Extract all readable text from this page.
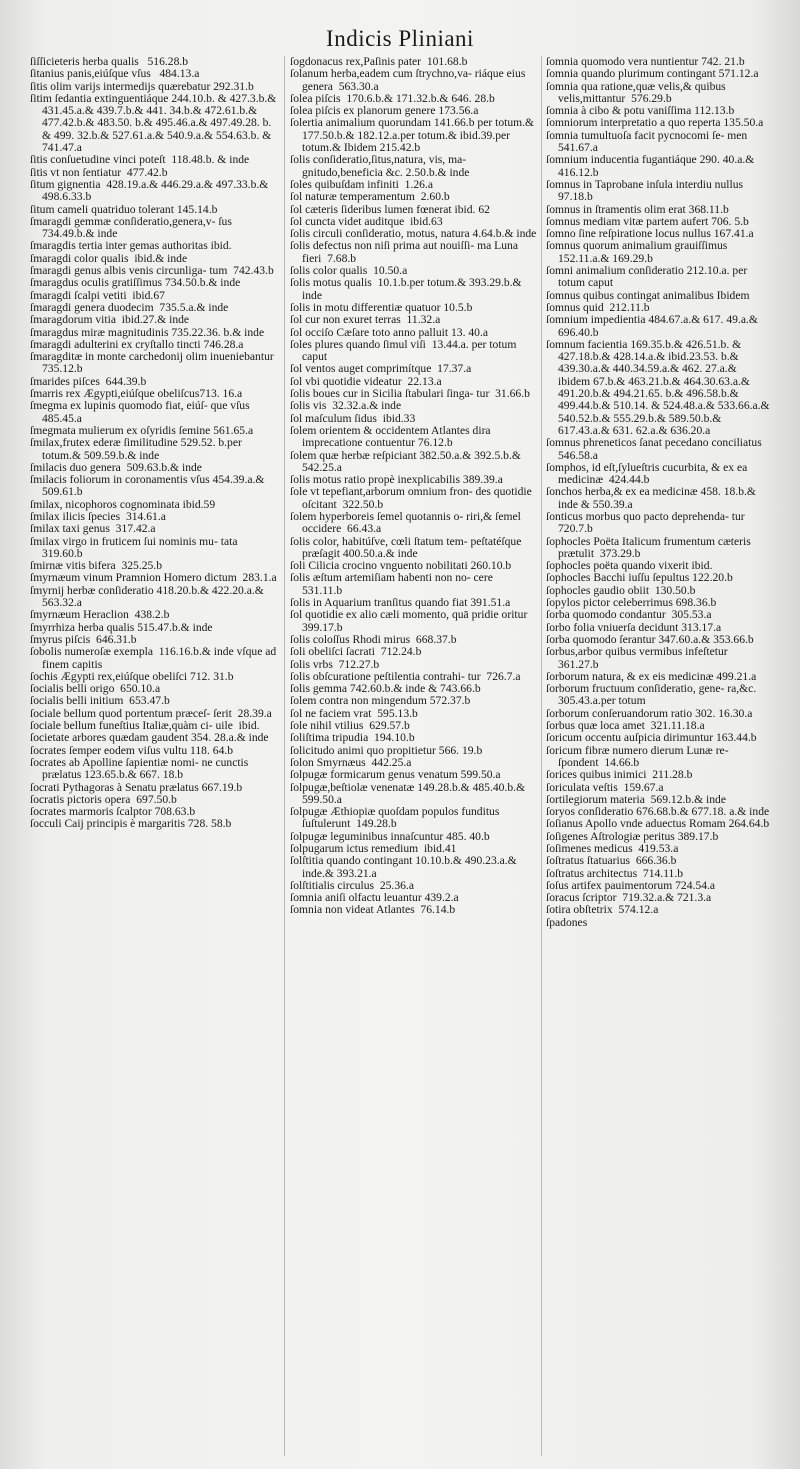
Indicis Pliniani

ſiſſicieteris herba qualis   516.28.b

ſitanius panis,eiúſque vſus   484.13.a

ſitis olim varijs intermedijs quærebatur 292.31.b

ſitim ſedantia extinguentiáque 244.10.b. & 427.3.b.& 431.45.a.& 439.7.b.& 441. 34.b.& 472.61.b.& 477.42.b.& 483.50. b.& 495.46.a.& 497.49.28. b. & 499. 32.b.& 527.61.a.& 540.9.a.& 554.63.b. & 741.47.a

ſitis conſuetudine vinci poteſt  118.48.b. & inde

ſitis vt non ſentiatur  477.42.b

ſitum gignentia  428.19.a.& 446.29.a.& 497.33.b.& 498.6.33.b

ſitum cameli quatriduo tolerant 145.14.b

ſmaragdi gemmæ conſideratio,genera,v- ſus  734.49.b.& inde

ſmaragdis tertia inter gemas authoritas ibid.

ſmaragdi color qualis  ibid.& inde

ſmaragdi genus albis venis circunliga- tum  742.43.b

ſmaragdus oculis gratiſſimus 734.50.b.& inde

ſmaragdi ſcalpi vetiti  ibid.67

ſmaragdi genera duodecim  735.5.a.& inde

ſmaragdorum vitia  ibid.27.& inde

ſmaragdus miræ magnitudinis 735.22.36. b.& inde

ſmaragdi adulterini ex cryſtallo tincti 746.28.a

ſmaragditæ in monte carchedonij olim inueniebantur  735.12.b

ſmarides piſces  644.39.b

ſmarris rex Ægypti,eiúſque obeliſcus713. 16.a

ſmegma ex lupinis quomodo fiat, eiúſ- que vſus  485.45.a

ſmegmata mulierum ex oſyridis ſemine 561.65.a

ſmilax,frutex ederæ ſimilitudine 529.52. b.per totum.& 509.59.b.& inde

ſmilacis duo genera  509.63.b.& inde

ſmilacis foliorum in coronamentis vſus 454.39.a.& 509.61.b

ſmilax, nicophoros cognominata ibid.59

ſmilax ilicis ſpecies  314.61.a

ſmilax taxi genus  317.42.a

ſmilax virgo in fruticem ſui nominis mu- tata  319.60.b

ſmirnæ vitis bifera  325.25.b

ſmyrnæum vinum Pramnion Homero dictum  283.1.a

ſmyrnij herbæ conſideratio 418.20.b.& 422.20.a.& 563.32.a

ſmyrnæum Heraclion  438.2.b

ſmyrrhiza herba qualis 515.47.b.& inde

ſmyrus piſcis  646.31.b

ſobolis numeroſæ exempla  116.16.b.& inde vſque ad finem capitis

ſochis Ægypti rex,eiúſque obeliſci 712. 31.b

ſocialis belli origo  650.10.a

ſocialis belli initium  653.47.b

ſociale bellum quod portentum præceſ- ſerit  28.39.a

ſociale bellum funeſtius Italiæ,quàm ci- uile  ibid.

ſocietate arbores quædam gaudent 354. 28.a.& inde

ſocrates ſemper eodem viſus vultu 118. 64.b

ſocrates ab Apolline ſapientiæ nomi- ne cunctis prælatus 123.65.b.& 667. 18.b

ſocrati Pythagoras à Senatu prælatus 667.19.b

ſocratis pictoris opera  697.50.b

ſocrates marmoris ſcalptor 708.63.b

ſocculi Caij principis è margaritis 728. 58.b

ſogdonacus rex,Paſinis pater  101.68.b

ſolanum herba,eadem cum ſtrychno,va- riáque eius genera  563.30.a

ſolea piſcis  170.6.b.& 171.32.b.& 646. 28.b

ſolea piſcis ex planorum genere 173.56.a

ſolertia animalium quorundam 141.66.b per totum.& 177.50.b.& 182.12.a.per totum.& ibid.39.per totum.& Ibidem 215.42.b

ſolis conſideratio,ſitus,natura, vis, ma- gnitudo,beneficia &c. 2.50.b.& inde

ſoles quibuſdam infiniti  1.26.a

ſol naturæ temperamentum  2.60.b

ſol cæteris ſideribus lumen fœnerat ibid. 62

ſol cuncta videt auditque  ibid.63

ſolis circuli conſideratio, motus, natura 4.64.b.& inde

ſolis defectus non niſi prima aut nouiſſi- ma Luna fieri  7.68.b

ſolis color qualis  10.50.a

ſolis motus qualis  10.1.b.per totum.& 393.29.b.& inde

ſolis in motu differentiæ quatuor 10.5.b

ſol cur non exuret terras  11.32.a

ſol occiſo Cæſare toto anno palluit 13. 40.a

ſoles plures quando ſimul viſi  13.44.a. per totum caput

ſol ventos auget comprimítque  17.37.a

ſol vbi quotidie videatur  22.13.a

ſolis boues cur in Sicilia ſtabulari ſinga- tur  31.66.b

ſolis vis  32.32.a.& inde

ſol maſculum ſidus  ibid.33

ſolem orientem & occidentem Atlantes dira imprecatione contuentur 76.12.b

ſolem quæ herbæ reſpiciant 382.50.a.& 392.5.b.& 542.25.a

ſolis motus ratio propè inexplicabilis 389.39.a

ſole vt tepefiant,arborum omnium fron- des quotidie oſcitant  322.50.b

ſolem hyperboreis ſemel quotannis o- riri,& ſemel occidere  66.43.a

ſolis color, habitúſve, cœli ſtatum tem- peſtatéſque præſagit 400.50.a.& inde

ſoli Cilicia crocino vnguento nobilitati 260.10.b

ſolis æſtum artemiſiam habenti non no- cere  531.11.b

ſolis in Aquarium tranſitus quando fiat 391.51.a

ſol quotidie ex alio cæli momento, quā pridie oritur  399.17.b

ſolis coloſſus Rhodi mirus  668.37.b

ſoli obeliſci ſacrati  712.24.b

ſolis vrbs  712.27.b

ſolis obſcuratione peſtilentia contrahi- tur  726.7.a

ſolis gemma 742.60.b.& inde & 743.66.b

ſolem contra non mingendum 572.37.b

ſol ne faciem vrat  595.13.b

ſole nihil vtilius  629.57.b

ſoliſtima tripudia  194.10.b

ſolicitudo animi quo propitietur 566. 19.b

ſolon Smyrnæus  442.25.a

ſolpugæ formicarum genus venatum 599.50.a

ſolpugæ,beſtiolæ venenatæ 149.28.b.& 485.40.b.& 599.50.a

ſolpugæ Æthiopiæ quoſdam populos funditus ſuſtulerunt  149.28.b

ſolpugæ leguminibus innaſcuntur 485. 40.b

ſolpugarum ictus remedium  ibid.41

ſolſtitia quando contingant 10.10.b.& 490.23.a.& inde.& 393.21.a

ſolſtitialis circulus  25.36.a

ſomnia aniſi olfactu leuantur 439.2.a

ſomnia non videat Atlantes  76.14.b

ſomnia quomodo vera nuntientur 742. 21.b

ſomnia quando plurimum contingant 571.12.a

ſomnia qua ratione,quæ velis,& quibus velis,mittantur  576.29.b

ſomnia à cibo & potu vaniſſima 112.13.b

ſomniorum interpretatio a quo reperta 135.50.a

ſomnia tumultuoſa facit pycnocomi ſe- men  541.67.a

ſomnium inducentia fugantiáque 290. 40.a.& 416.12.b

ſomnus in Taprobane inſula interdiu nullus  97.18.b

ſomnus in ſtramentis olim erat 368.11.b

ſomnus mediam vitæ partem aufert 706. 5.b

ſomno ſine reſpiratione locus nullus 167.41.a

ſomnus quorum animalium grauiſſimus 152.11.a.& 169.29.b

ſomni animalium conſideratio 212.10.a. per totum caput

ſomnus quibus contingat animalibus Ibidem

ſomnus quid  212.11.b

ſomnium impedientia 484.67.a.& 617. 49.a.& 696.40.b

ſomnum facientia 169.35.b.& 426.51.b. & 427.18.b.& 428.14.a.& ibid.23.53. b.& 439.30.a.& 440.34.59.a.& 462. 27.a.& ibidem 67.b.& 463.21.b.& 464.30.63.a.& 491.20.b.& 494.21.65. b.& 496.58.b.& 499.44.b.& 510.14. & 524.48.a.& 533.66.a.& 540.52.b.& 555.29.b.& 589.50.b.& 617.43.a.& 631. 62.a.& 636.20.a

ſomnus phreneticos ſanat pecedano conciliatus  546.58.a

ſomphos, id eſt,ſylueſtris cucurbita, & ex ea medicinæ  424.44.b

ſonchos herba,& ex ea medicinæ 458. 18.b.& inde & 550.39.a

ſonticus morbus quo pacto deprehenda- tur  720.7.b

ſophocles Poëta Italicum frumentum cæteris prætulit  373.29.b

ſophocles poëta quando vixerit ibid.

ſophocles Bacchi iuſſu ſepultus 122.20.b

ſophocles gaudio obiit  130.50.b

ſopylos pictor celeberrimus 698.36.b

ſorba quomodo condantur  305.53.a

ſorbo folia vniuerſa decidunt 313.17.a

ſorba quomodo ſerantur 347.60.a.& 353.66.b

ſorbus,arbor quibus vermibus infeſtetur 361.27.b

ſorborum natura, & ex eis medicinæ 499.21.a

ſorborum fructuum conſideratio, gene- ra,&c.  305.43.a.per totum

ſorborum conſeruandorum ratio 302. 16.30.a

ſorbus quæ loca amet  321.11.18.a

ſoricum occentu auſpicia dirimuntur 163.44.b

ſoricum fibræ numero dierum Lunæ re- ſpondent  14.66.b

ſorices quibus inimici  211.28.b

ſoriculata veſtis  159.67.a

ſortilegiorum materia  569.12.b.& inde

ſoryos conſideratio 676.68.b.& 677.18. a.& inde

ſoſianus Apollo vnde aduectus Romam 264.64.b

ſoſigenes Aſtrologiæ peritus 389.17.b

ſoſimenes medicus  419.53.a

ſoſtratus ſtatuarius  666.36.b

ſoſtratus architectus  714.11.b

ſoſus artifex pauimentorum 724.54.a

ſoracus ſcriptor  719.32.a.& 721.3.a

ſotira obſtetrix  574.12.a

ſpadones
